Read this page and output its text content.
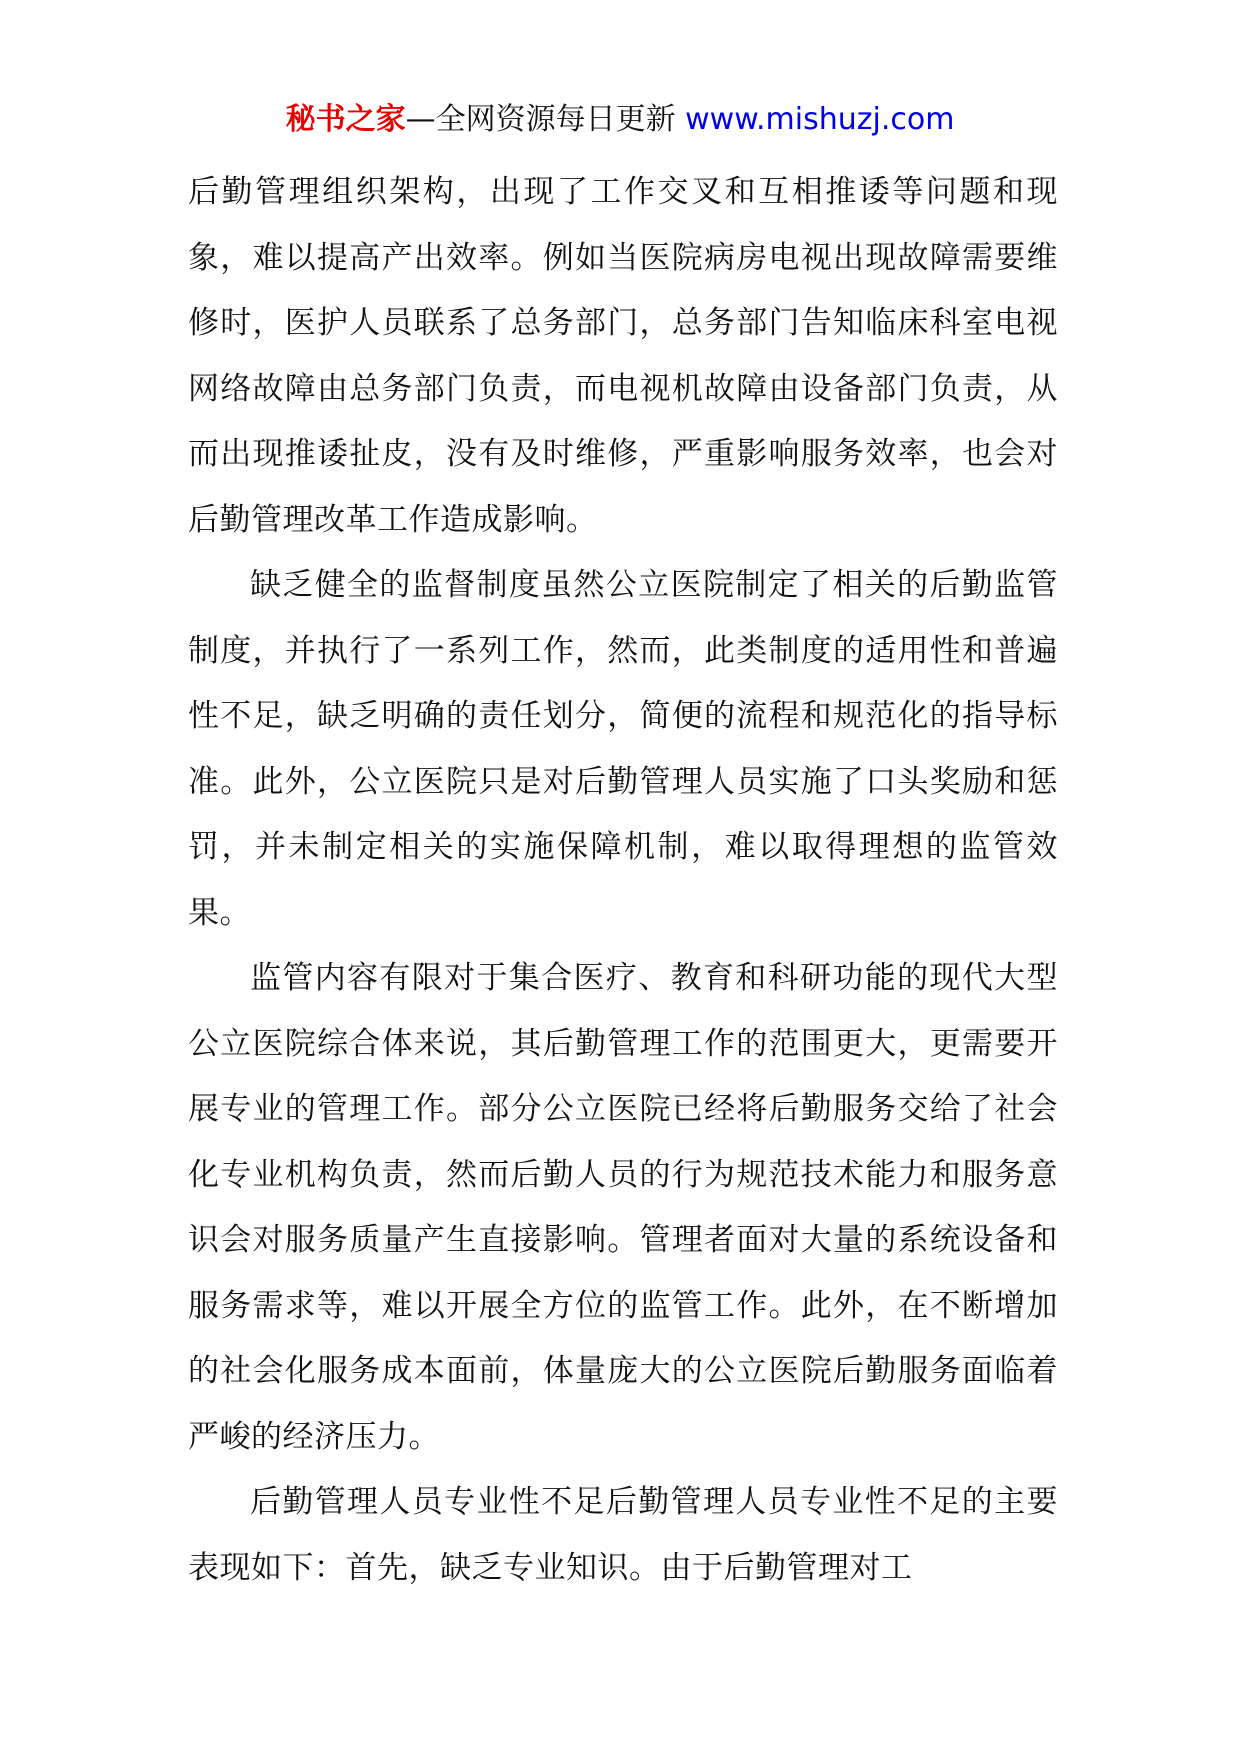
秘书之家—全网资源每日更新 www.mishuzj.com

后勤管理组织架构，出现了工作交叉和互相推诿等问题和现象，难以提高产出效率。例如当医院病房电视出现故障需要维修时，医护人员联系了总务部门，总务部门告知临床科室电视网络故障由总务部门负责，而电视机故障由设备部门负责，从而出现推诿扯皮，没有及时维修，严重影响服务效率，也会对后勤管理改革工作造成影响。

缺乏健全的监督制度虽然公立医院制定了相关的后勤监管制度，并执行了一系列工作，然而，此类制度的适用性和普遍性不足，缺乏明确的责任划分，简便的流程和规范化的指导标准。此外，公立医院只是对后勤管理人员实施了口头奖励和惩罚，并未制定相关的实施保障机制，难以取得理想的监管效果。

监管内容有限对于集合医疗、教育和科研功能的现代大型公立医院综合体来说，其后勤管理工作的范围更大，更需要开展专业的管理工作。部分公立医院已经将后勤服务交给了社会化专业机构负责，然而后勤人员的行为规范技术能力和服务意识会对服务质量产生直接影响。管理者面对大量的系统设备和服务需求等，难以开展全方位的监管工作。此外，在不断增加的社会化服务成本面前，体量庞大的公立医院后勤服务面临着严峻的经济压力。

后勤管理人员专业性不足后勤管理人员专业性不足的主要表现如下：首先，缺乏专业知识。由于后勤管理对工
